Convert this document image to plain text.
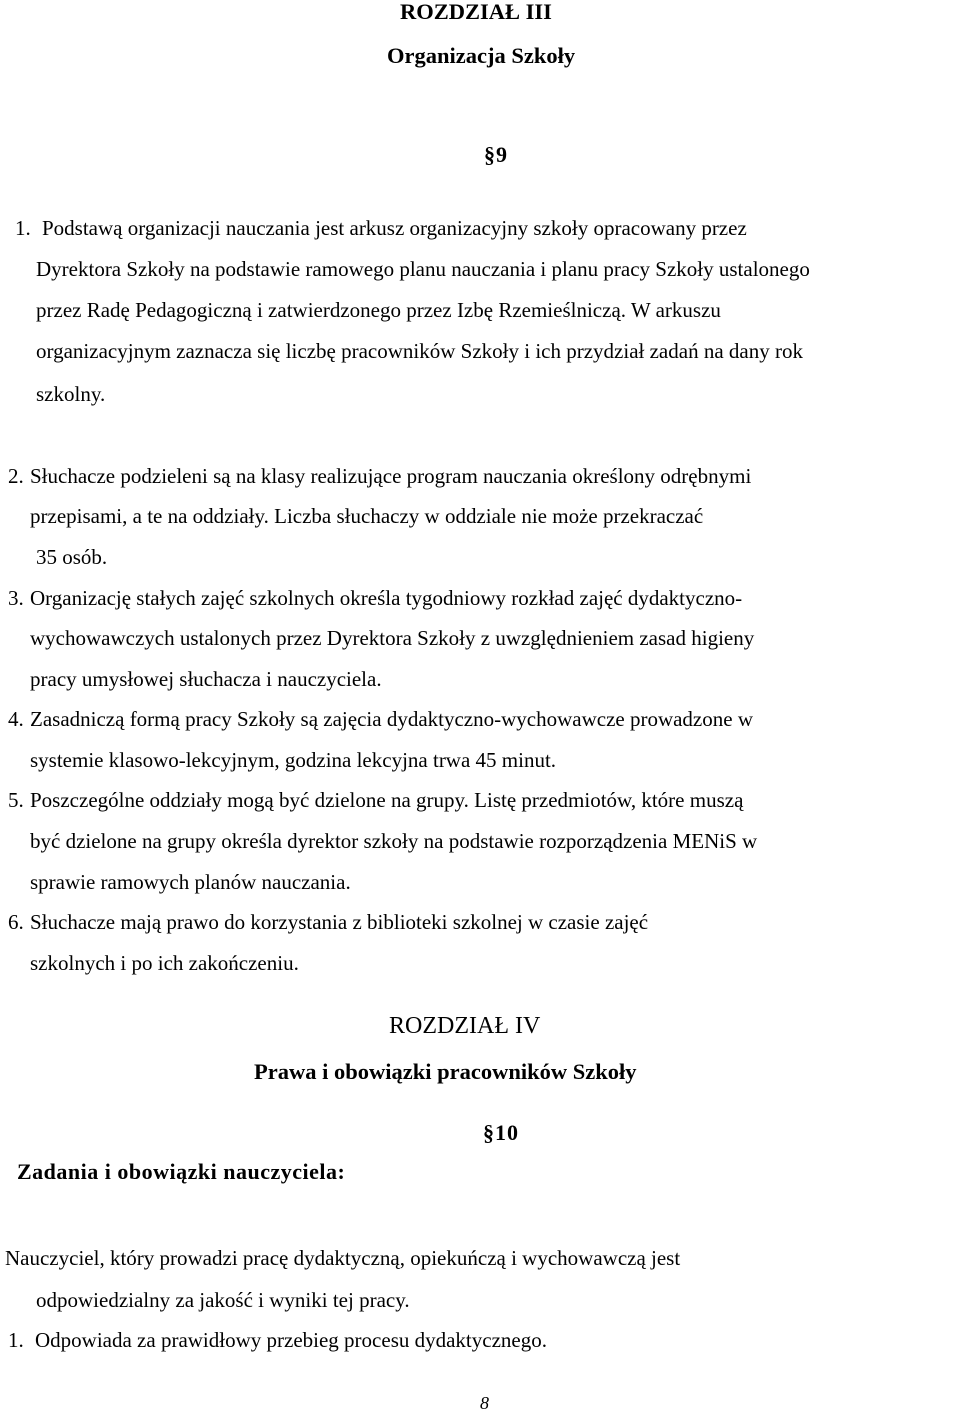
ROZDZIAŁ III
Organizacja Szkoły
§9
1. Podstawą organizacji nauczania jest arkusz organizacyjny szkoły opracowany przez
Dyrektora Szkoły na podstawie ramowego planu nauczania i planu pracy Szkoły ustalonego
przez Radę Pedagogiczną i zatwierdzonego przez Izbę Rzemieślniczą. W arkuszu
organizacyjnym zaznacza się liczbę pracowników Szkoły i ich przydział zadań na dany rok
szkolny.
2. Słuchacze podzieleni są na klasy realizujące program nauczania określony odrębnymi
przepisami, a te na oddziały. Liczba słuchaczy w oddziale nie może przekraczać
35 osób.
3. Organizację stałych zajęć szkolnych określa tygodniowy rozkład zajęć dydaktyczno-
wychowawczych ustalonych przez Dyrektora Szkoły z uwzględnieniem zasad higieny
pracy umysłowej słuchacza i nauczyciela.
4. Zasadniczą formą pracy Szkoły są zajęcia dydaktyczno-wychowawcze prowadzone w
systemie klasowo-lekcyjnym, godzina lekcyjna trwa 45 minut.
5. Poszczególne oddziały mogą być dzielone na grupy. Listę przedmiotów, które muszą
być dzielone na grupy określa dyrektor szkoły na podstawie rozporządzenia MENiS w
sprawie ramowych planów nauczania.
6. Słuchacze mają prawo do korzystania z biblioteki szkolnej w czasie zajęć
szkolnych i po ich zakończeniu.
ROZDZIAŁ IV
Prawa i obowiązki pracowników Szkoły
§10
Zadania i obowiązki nauczyciela:
Nauczyciel, który prowadzi pracę dydaktyczną, opiekuńczą i wychowawczą jest
odpowiedzialny za jakość i wyniki tej pracy.
1. Odpowiada za prawidłowy przebieg procesu dydaktycznego.
8
